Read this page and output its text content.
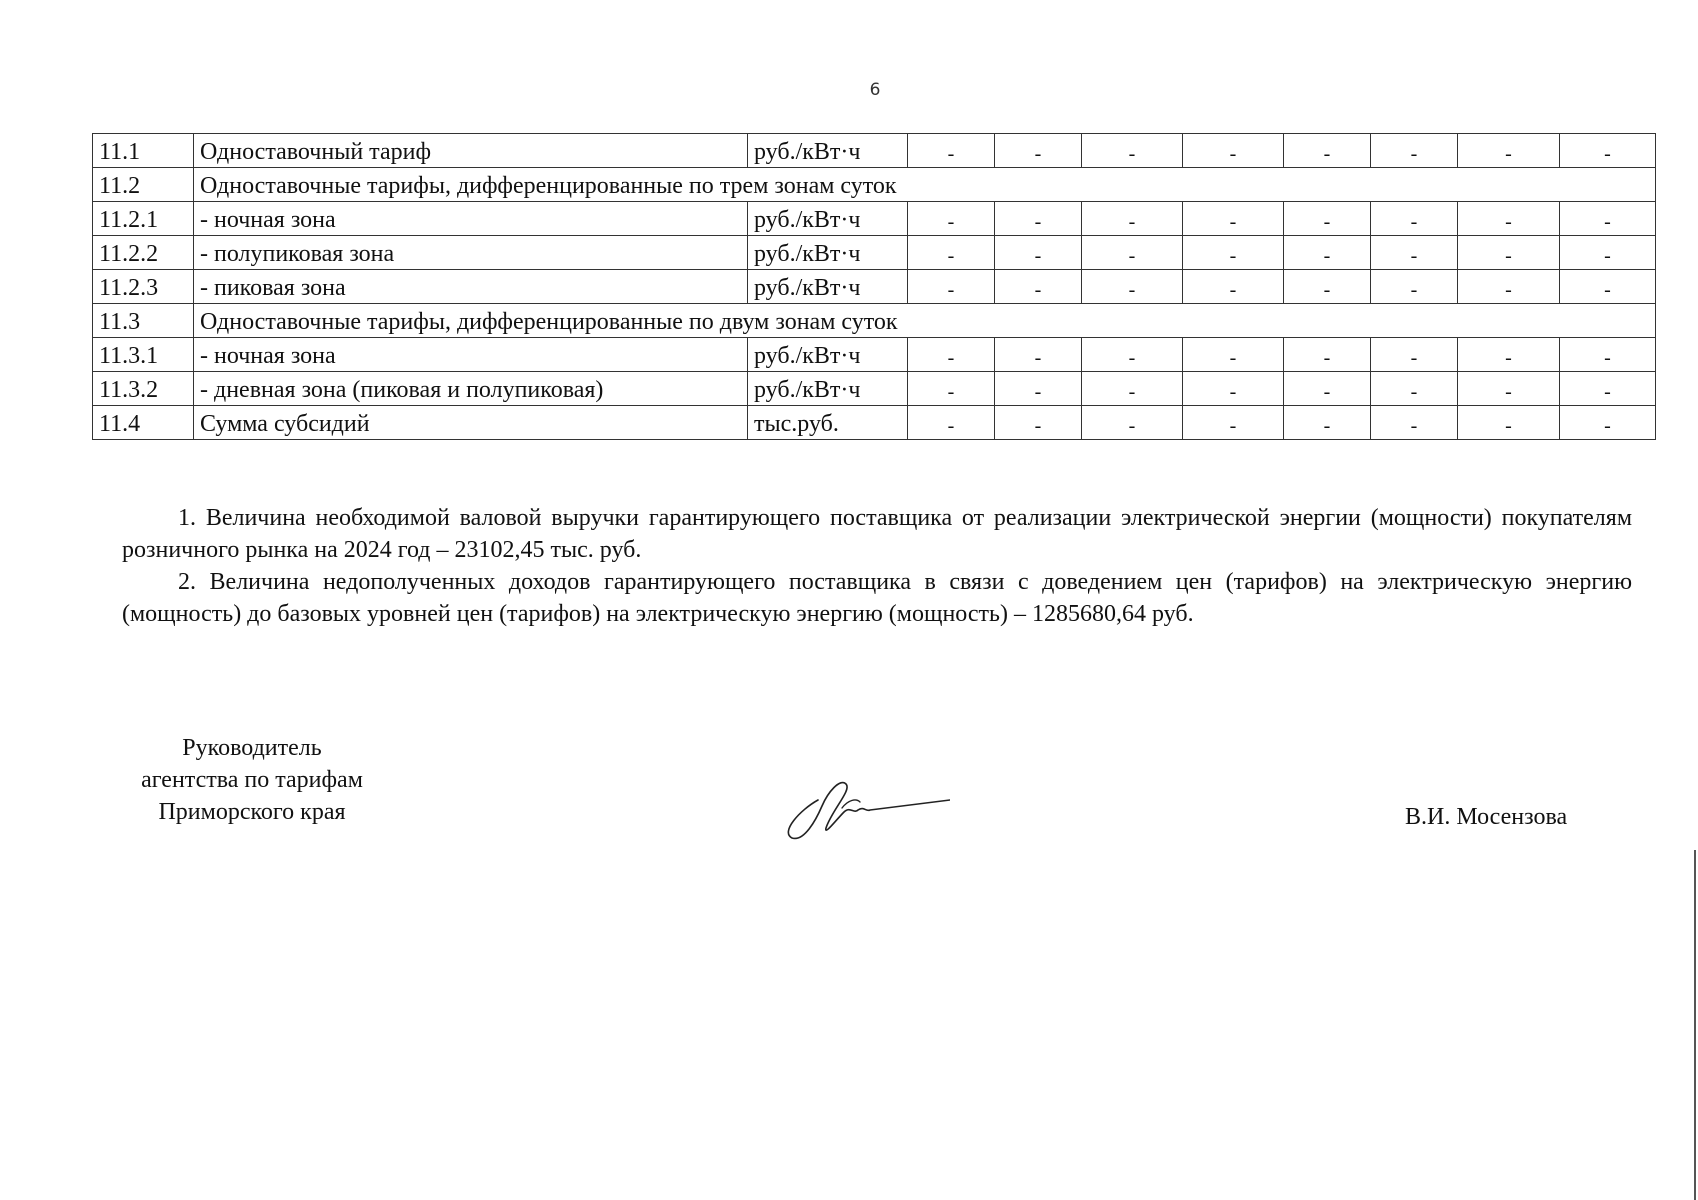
6
11.1	Одноставочный тариф	руб./кВт·ч	-	-	-	-	-	-	-	-
11.2	Одноставочные тарифы, дифференцированные по трем зонам суток									
11.2.1	- ночная зона	руб./кВт·ч	-	-	-	-	-	-	-	-
11.2.2	- полупиковая зона	руб./кВт·ч	-	-	-	-	-	-	-	-
11.2.3	- пиковая зона	руб./кВт·ч	-	-	-	-	-	-	-	-
11.3	Одноставочные тарифы, дифференцированные по двум зонам суток									
11.3.1	- ночная зона	руб./кВт·ч	-	-	-	-	-	-	-	-
11.3.2	- дневная зона (пиковая и полупиковая)	руб./кВт·ч	-	-	-	-	-	-	-	-
11.4	Сумма субсидий	тыс.руб.	-	-	-	-	-	-	-	-

1. Величина необходимой валовой выручки гарантирующего поставщика от реализации электрической энергии (мощности) покупателям розничного рынка на 2024 год – 23102,45 тыс. руб.

2. Величина недополученных доходов гарантирующего поставщика в связи с доведением цен (тарифов) на электрическую энергию (мощность) до базовых уровней цен (тарифов) на электрическую энергию (мощность) – 1285680,64 руб.

Руководитель
агентства по тарифам
Приморского края	В.И. Мосензова
